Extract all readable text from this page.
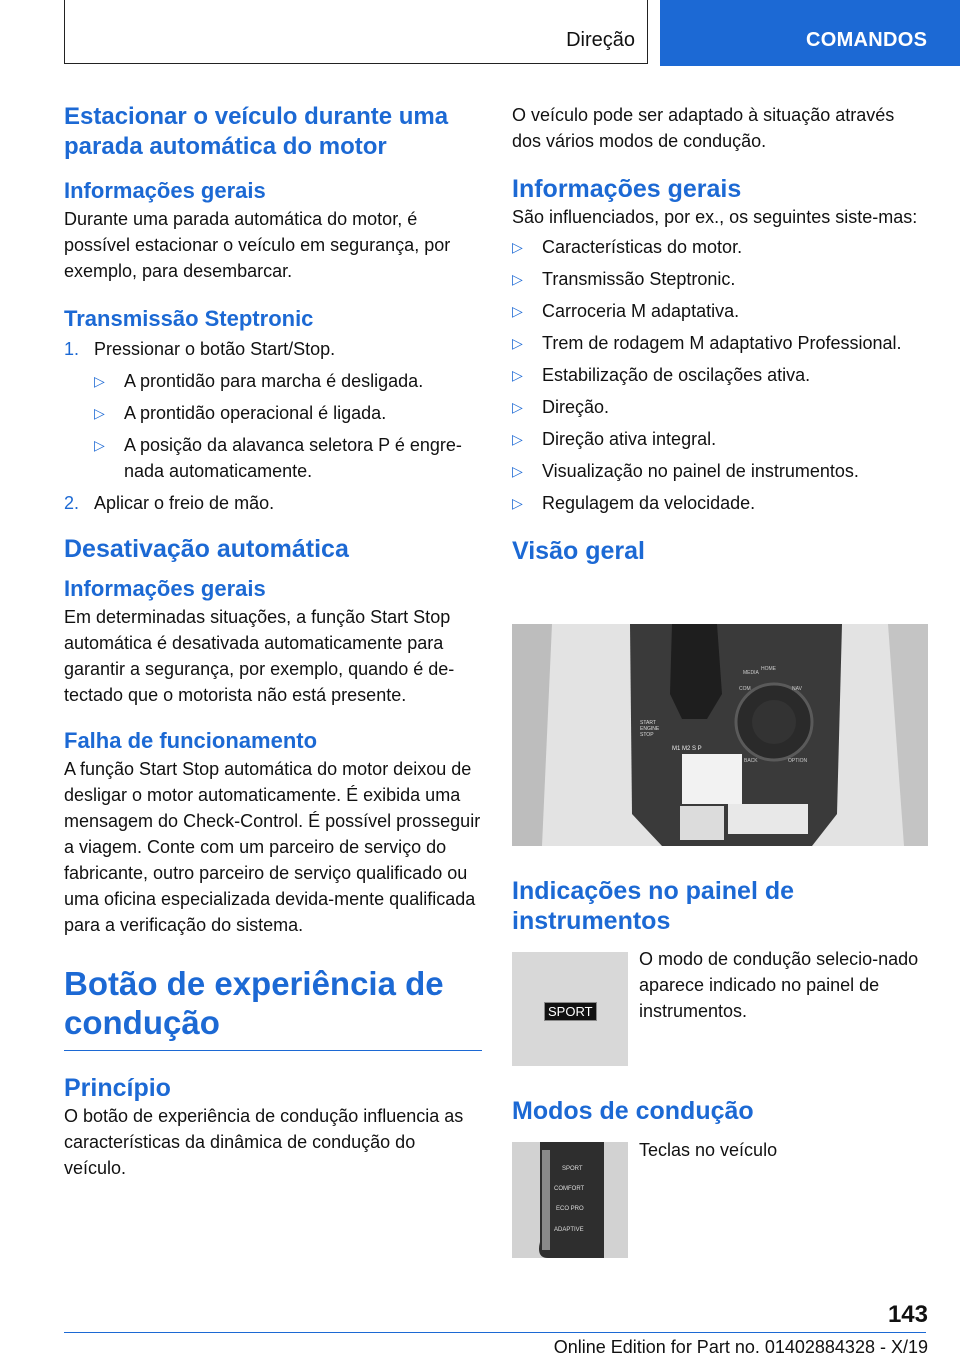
Direção	COMANDOS
Estacionar o veículo durante uma parada automática do motor
Informações gerais

Durante uma parada automática do motor, é possível estacionar o veículo em segurança, por exemplo, para desembarcar.

Transmissão Steptronic
1. Pressionar o botão Start/Stop.
▷ A prontidão para marcha é desligada.
▷ A prontidão operacional é ligada.
▷ A posição da alavanca seletora P é engre-nada automaticamente.
2. Aplicar o freio de mão.
Desativação automática
Informações gerais

Em determinadas situações, a função Start Stop automática é desativada automaticamente para garantir a segurança, por exemplo, quando é de-tectado que o motorista não está presente.

Falha de funcionamento

A função Start Stop automática do motor deixou de desligar o motor automaticamente. É exibida uma mensagem do Check-Control. É possível prosseguir a viagem. Conte com um parceiro de serviço do fabricante, outro parceiro de serviço qualificado ou uma oficina especializada devida-mente qualificada para a verificação do sistema.

Botão de experiência de condução
Princípio

O botão de experiência de condução influencia as características da dinâmica de condução do veículo.

O veículo pode ser adaptado à situação através dos vários modos de condução.

Informações gerais

São influenciados, por ex., os seguintes siste-mas:

▷ Características do motor.
▷ Transmissão Steptronic.
▷ Carroceria M adaptativa.
▷ Trem de rodagem M adaptativo Professional.
▷ Estabilização de oscilações ativa.
▷ Direção.
▷ Direção ativa integral.
▷ Visualização no painel de instrumentos.
▷ Regulagem da velocidade.
Visão geral
MEDIA
HOME
COM	NAV
BACK	OPTION
START ENGINE STOP
M1 M2 S P
Indicações no painel de instrumentos
SPORT

O modo de condução selecio-nado aparece indicado no painel de instrumentos.

Modos de condução
SPORT
COMFORT
ECO PRO
ADAPTIVE

Teclas no veículo

143
Online Edition for Part no. 01402884328 - X/19
